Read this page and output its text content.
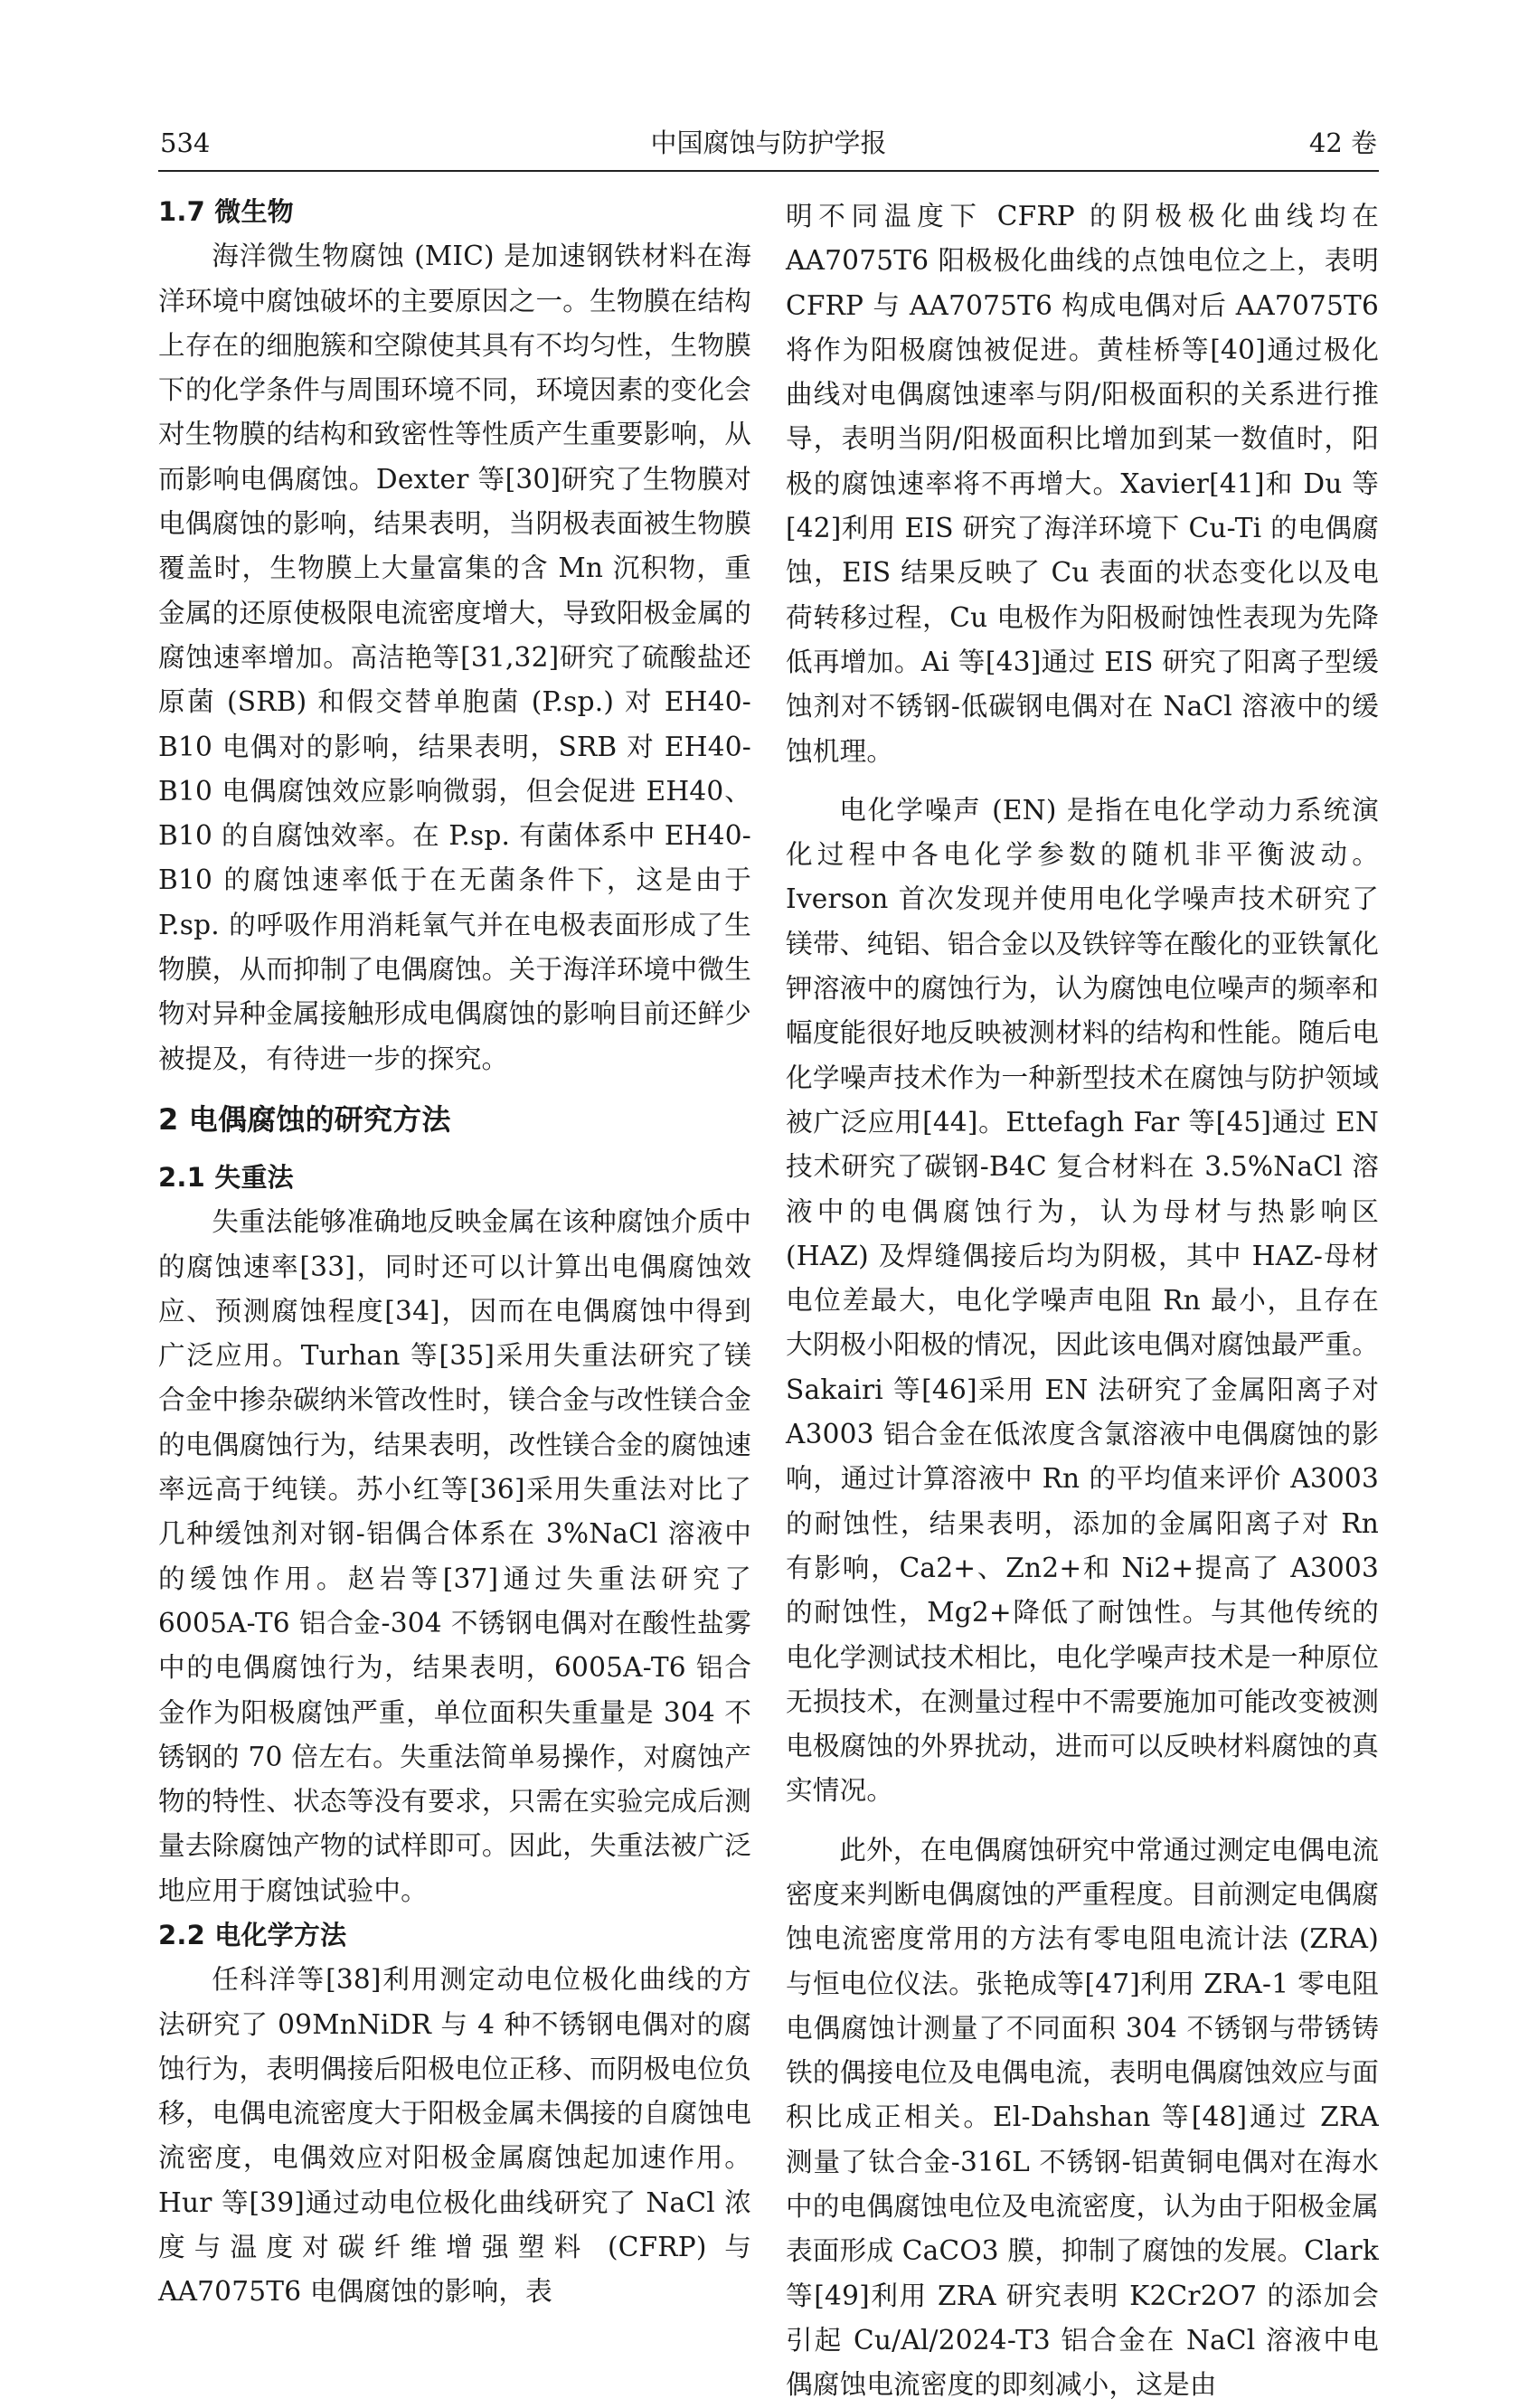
中国腐蚀与防护学报
534	42 卷
1.7 微生物

海洋微生物腐蚀 (MIC) 是加速钢铁材料在海洋环境中腐蚀破坏的主要原因之一。生物膜在结构上存在的细胞簇和空隙使其具有不均匀性，生物膜下的化学条件与周围环境不同，环境因素的变化会对生物膜的结构和致密性等性质产生重要影响，从而影响电偶腐蚀。Dexter 等[30]研究了生物膜对电偶腐蚀的影响，结果表明，当阴极表面被生物膜覆盖时，生物膜上大量富集的含 Mn 沉积物，重金属的还原使极限电流密度增大，导致阳极金属的腐蚀速率增加。高洁艳等[31,32]研究了硫酸盐还原菌 (SRB) 和假交替单胞菌 (P.sp.) 对 EH40-B10 电偶对的影响，结果表明，SRB 对 EH40-B10 电偶腐蚀效应影响微弱，但会促进 EH40、B10 的自腐蚀效率。在 P.sp. 有菌体系中 EH40-B10 的腐蚀速率低于在无菌条件下，这是由于 P.sp. 的呼吸作用消耗氧气并在电极表面形成了生物膜，从而抑制了电偶腐蚀。关于海洋环境中微生物对异种金属接触形成电偶腐蚀的影响目前还鲜少被提及，有待进一步的探究。

2 电偶腐蚀的研究方法
2.1 失重法

失重法能够准确地反映金属在该种腐蚀介质中的腐蚀速率[33]，同时还可以计算出电偶腐蚀效应、预测腐蚀程度[34]，因而在电偶腐蚀中得到广泛应用。Turhan 等[35]采用失重法研究了镁合金中掺杂碳纳米管改性时，镁合金与改性镁合金的电偶腐蚀行为，结果表明，改性镁合金的腐蚀速率远高于纯镁。苏小红等[36]采用失重法对比了几种缓蚀剂对钢-铝偶合体系在 3%NaCl 溶液中的缓蚀作用。赵岩等[37]通过失重法研究了 6005A-T6 铝合金-304 不锈钢电偶对在酸性盐雾中的电偶腐蚀行为，结果表明，6005A-T6 铝合金作为阳极腐蚀严重，单位面积失重量是 304 不锈钢的 70 倍左右。失重法简单易操作，对腐蚀产物的特性、状态等没有要求，只需在实验完成后测量去除腐蚀产物的试样即可。因此，失重法被广泛地应用于腐蚀试验中。

2.2 电化学方法

任科洋等[38]利用测定动电位极化曲线的方法研究了 09MnNiDR 与 4 种不锈钢电偶对的腐蚀行为，表明偶接后阳极电位正移、而阴极电位负移，电偶电流密度大于阳极金属未偶接的自腐蚀电流密度，电偶效应对阳极金属腐蚀起加速作用。Hur 等[39]通过动电位极化曲线研究了 NaCl 浓度与温度对碳纤维增强塑料 (CFRP) 与 AA7075T6 电偶腐蚀的影响，表

明不同温度下 CFRP 的阴极极化曲线均在 AA7075T6 阳极极化曲线的点蚀电位之上，表明 CFRP 与 AA7075T6 构成电偶对后 AA7075T6 将作为阳极腐蚀被促进。黄桂桥等[40]通过极化曲线对电偶腐蚀速率与阴/阳极面积的关系进行推导，表明当阴/阳极面积比增加到某一数值时，阳极的腐蚀速率将不再增大。Xavier[41]和 Du 等[42]利用 EIS 研究了海洋环境下 Cu-Ti 的电偶腐蚀，EIS 结果反映了 Cu 表面的状态变化以及电荷转移过程，Cu 电极作为阳极耐蚀性表现为先降低再增加。Ai 等[43]通过 EIS 研究了阳离子型缓蚀剂对不锈钢-低碳钢电偶对在 NaCl 溶液中的缓蚀机理。

电化学噪声 (EN) 是指在电化学动力系统演化过程中各电化学参数的随机非平衡波动。Iverson 首次发现并使用电化学噪声技术研究了镁带、纯铝、铝合金以及铁锌等在酸化的亚铁氰化钾溶液中的腐蚀行为，认为腐蚀电位噪声的频率和幅度能很好地反映被测材料的结构和性能。随后电化学噪声技术作为一种新型技术在腐蚀与防护领域被广泛应用[44]。Ettefagh Far 等[45]通过 EN 技术研究了碳钢-B4C 复合材料在 3.5%NaCl 溶液中的电偶腐蚀行为，认为母材与热影响区 (HAZ) 及焊缝偶接后均为阴极，其中 HAZ-母材电位差最大，电化学噪声电阻 Rn 最小，且存在大阴极小阳极的情况，因此该电偶对腐蚀最严重。Sakairi 等[46]采用 EN 法研究了金属阳离子对 A3003 铝合金在低浓度含氯溶液中电偶腐蚀的影响，通过计算溶液中 Rn 的平均值来评价 A3003 的耐蚀性，结果表明，添加的金属阳离子对 Rn 有影响，Ca2+、Zn2+和 Ni2+提高了 A3003 的耐蚀性，Mg2+降低了耐蚀性。与其他传统的电化学测试技术相比，电化学噪声技术是一种原位无损技术，在测量过程中不需要施加可能改变被测电极腐蚀的外界扰动，进而可以反映材料腐蚀的真实情况。

此外，在电偶腐蚀研究中常通过测定电偶电流密度来判断电偶腐蚀的严重程度。目前测定电偶腐蚀电流密度常用的方法有零电阻电流计法 (ZRA) 与恒电位仪法。张艳成等[47]利用 ZRA-1 零电阻电偶腐蚀计测量了不同面积 304 不锈钢与带锈铸铁的偶接电位及电偶电流，表明电偶腐蚀效应与面积比成正相关。El-Dahshan 等[48]通过 ZRA 测量了钛合金-316L 不锈钢-铝黄铜电偶对在海水中的电偶腐蚀电位及电流密度，认为由于阳极金属表面形成 CaCO3 膜，抑制了腐蚀的发展。Clark 等[49]利用 ZRA 研究表明 K2Cr2O7 的添加会引起 Cu/Al/2024-T3 铝合金在 NaCl 溶液中电偶腐蚀电流密度的即刻减小，这是由
